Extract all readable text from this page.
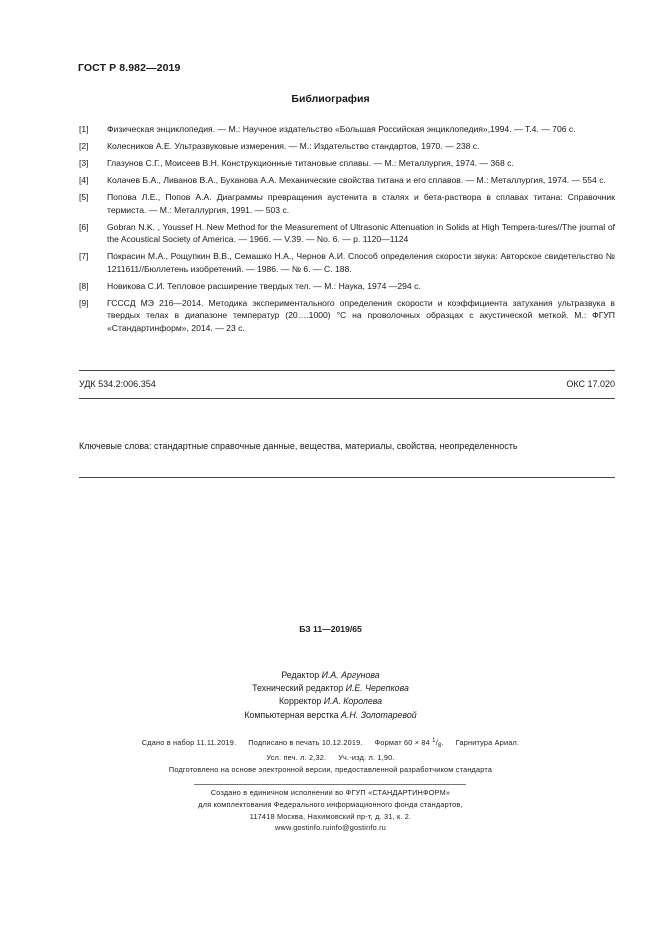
ГОСТ Р 8.982—2019
Библиография
[1]	Физическая энциклопедия. — М.: Научное издательство «Большая Российская энциклопедия»,1994. — Т.4. — 706 с.
[2]	Колесников А.Е. Ультразвуковые измерения. — М.: Издательство стандартов, 1970. — 238 с.
[3]	Глазунов С.Г., Моисеев В.Н. Конструкционные титановые сплавы. — М.: Металлургия, 1974. — 368 с.
[4]	Колачев Б.А., Ливанов В.А., Буханова А.А. Механические свойства титана и его сплавов. — М.: Металлургия, 1974. — 554 с.
[5]	Попова Л.Е., Попов А.А. Диаграммы превращения аустенита в сталях и бета-раствора в сплавах титана: Справочник термиста. — М.: Металлургия, 1991. — 503 с.
[6]	Gobran N.K. , Youssef H. New Method for the Measurement of Ultrasonic Attenuation in Solids at High Tempera-tures//The journal of the Acoustical Society of America. — 1966. — V.39. — No. 6. — p. 1120—1124
[7]	Покрасин М.А., Рощупкин В.В., Семашко Н.А., Чернов А.И. Способ определения скорости звука: Авторское свидетельство № 1211611//Бюллетень изобретений. — 1986. — № 6. — С. 188.
[8]	Новикова С.И. Тепловое расширение твердых тел. — М.: Наука, 1974 —294 с.
[9]	ГСССД МЭ 216—2014. Методика экспериментального определения скорости и коэффициента затухания ультразвука в твердых телах в диапазоне температур (20….1000) °С на проволочных образцах с акустической меткой. М.: ФГУП «Стандартинформ», 2014. — 23 с.
УДК 534.2:006.354	ОКС 17.020
Ключевые слова: стандартные справочные данные, вещества, материалы, свойства, неопределенность
БЗ 11—2019/65
Редактор И.А. Аргунова
Технический редактор И.Е. Черепкова
Корректор И.А. Королева
Компьютерная верстка А.Н. Золотаревой
Сдано в набор 11.11.2019. Подписано в печать 10.12.2019. Формат 60 × 84 $^1/_8$. Гарнитура Ариал.
Усл. печ. л. 2,32. Уч.-изд. л. 1,90.
Подготовлено на основе электронной версии, предоставленной разработчиком стандарта
Создано в единичном исполнении во ФГУП «СТАНДАРТИНФОРМ»
для комплектования Федерального информационного фонда стандартов,
117418 Москва, Нахимовский пр-т, д. 31, к. 2.
www.gostinfo.ruinfo@gostinfo.ru
